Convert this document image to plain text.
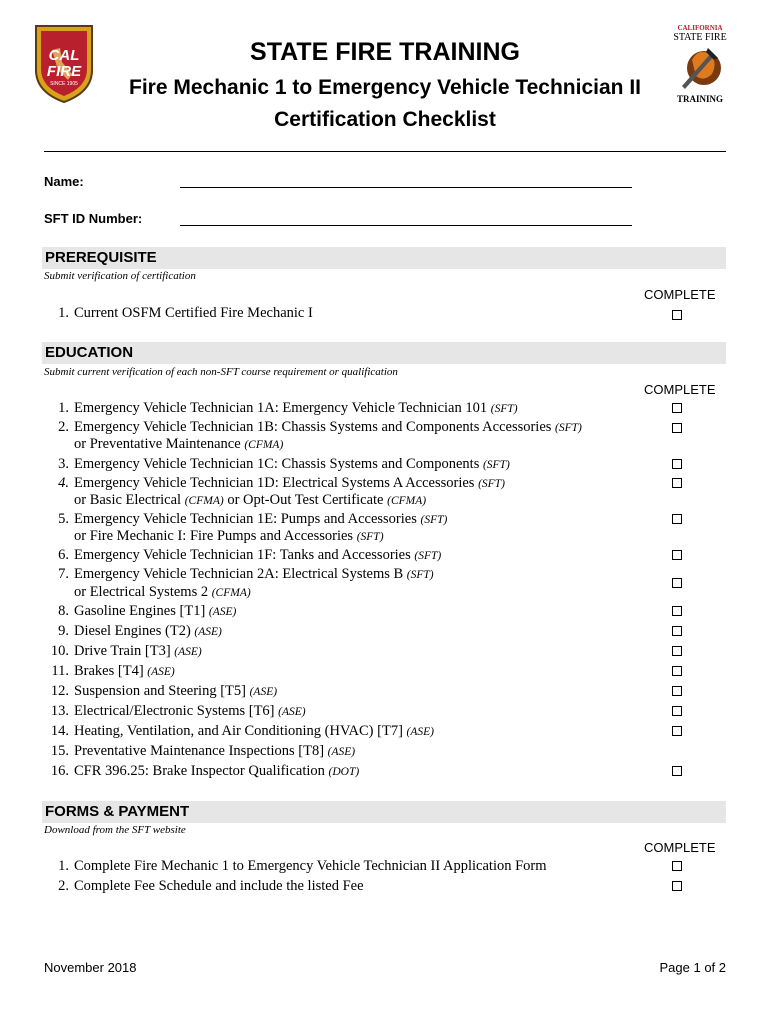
CAL
FIRE
SINCE 1905
CALIFORNIA
STATE FIRE
TRAINING
STATE FIRE TRAINING
Fire Mechanic 1 to Emergency Vehicle Technician II
Certification Checklist
Name:
SFT ID Number:
PREREQUISITE
Submit verification of certification
COMPLETE
1. Current OSFM Certified Fire Mechanic I
EDUCATION
Submit current verification of each non-SFT course requirement or qualification
COMPLETE
1. Emergency Vehicle Technician 1A: Emergency Vehicle Technician 101 (SFT)
2. Emergency Vehicle Technician 1B: Chassis Systems and Components Accessories (SFT)
or Preventative Maintenance (CFMA)
3. Emergency Vehicle Technician 1C: Chassis Systems and Components (SFT)
4. Emergency Vehicle Technician 1D: Electrical Systems A Accessories (SFT)
or Basic Electrical (CFMA) or Opt-Out Test Certificate (CFMA)
5. Emergency Vehicle Technician 1E: Pumps and Accessories (SFT)
or Fire Mechanic I: Fire Pumps and Accessories (SFT)
6. Emergency Vehicle Technician 1F: Tanks and Accessories (SFT)
7. Emergency Vehicle Technician 2A: Electrical Systems B (SFT)
or Electrical Systems 2 (CFMA)
8. Gasoline Engines [T1] (ASE)
9. Diesel Engines (T2) (ASE)
10. Drive Train [T3] (ASE)
11. Brakes [T4] (ASE)
12. Suspension and Steering [T5] (ASE)
13. Electrical/Electronic Systems [T6] (ASE)
14. Heating, Ventilation, and Air Conditioning (HVAC) [T7] (ASE)
15. Preventative Maintenance Inspections [T8] (ASE)
16. CFR 396.25: Brake Inspector Qualification (DOT)
FORMS & PAYMENT
Download from the SFT website
COMPLETE
1. Complete Fire Mechanic 1 to Emergency Vehicle Technician II Application Form
2. Complete Fee Schedule and include the listed Fee
November 2018	Page 1 of 2
